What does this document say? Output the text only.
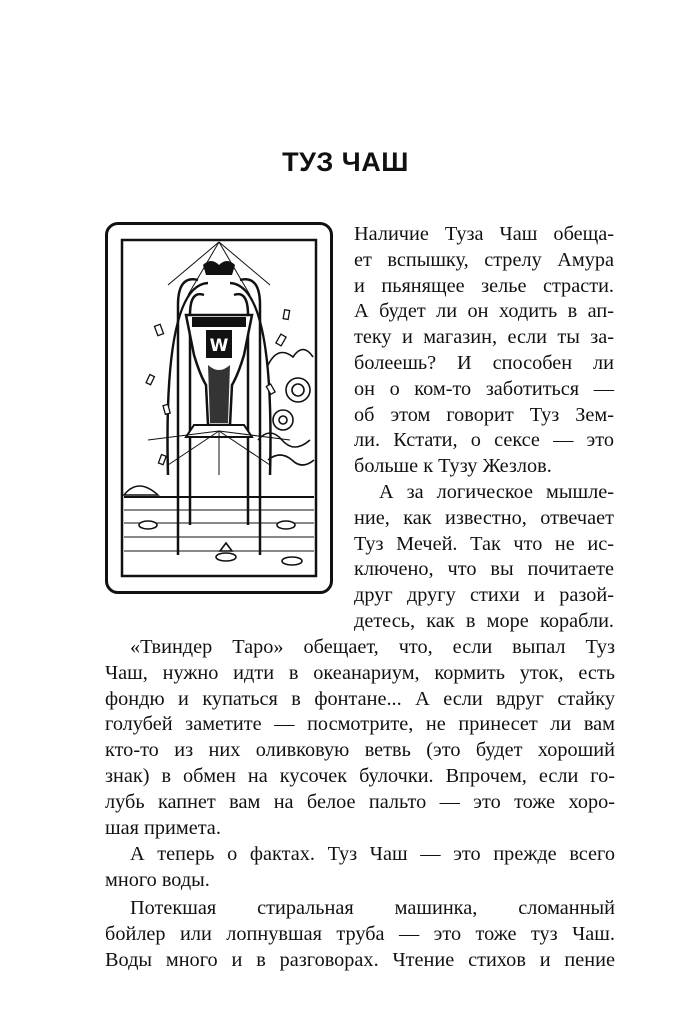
ТУЗ ЧАШ
W
Наличие Туза Чаш обеща-
ет вспышку, стрелу Амура
и пьянящее зелье страсти.
А будет ли он ходить в ап-
теку и магазин, если ты за-
болеешь? И способен ли
он о ком-то заботиться —
об этом говорит Туз Зем-
ли. Кстати, о сексе — это
больше к Тузу Жезлов.
А за логическое мышле-
ние, как известно, отвечает
Туз Мечей. Так что не ис-
ключено, что вы почитаете
друг другу стихи и разой-
детесь, как в море корабли.
«Твиндер Таро» обещает, что, если выпал Туз
Чаш, нужно идти в океанариум, кормить уток, есть
фондю и купаться в фонтане... А если вдруг стайку
голубей заметите — посмотрите, не принесет ли вам
кто-то из них оливковую ветвь (это будет хороший
знак) в обмен на кусочек булочки. Впрочем, если го-
лубь капнет вам на белое пальто — это тоже хоро-
шая примета.
А теперь о фактах. Туз Чаш — это прежде всего
много воды.
Потекшая стиральная машинка, сломанный
бойлер или лопнувшая труба — это тоже туз Чаш.
Воды много и в разговорах. Чтение стихов и пение
